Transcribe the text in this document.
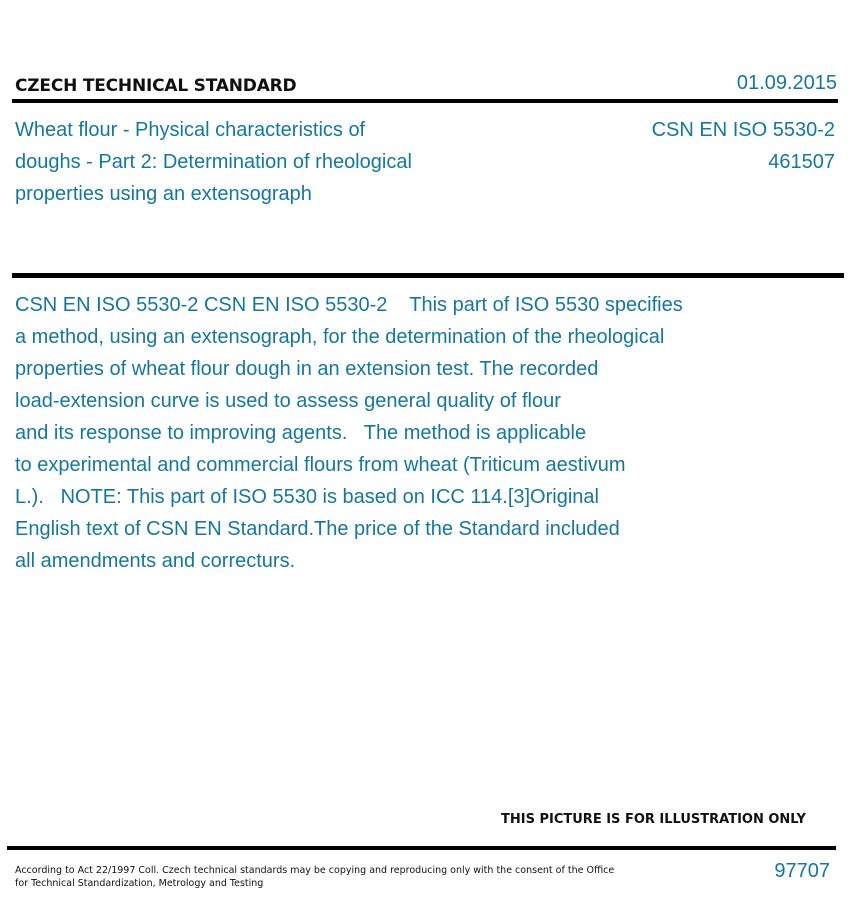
CZECH TECHNICAL STANDARD	01.09.2015
Wheat flour - Physical characteristics of
doughs - Part 2: Determination of rheological
properties using an extensograph
CSN EN ISO 5530-2
461507
CSN EN ISO 5530-2 CSN EN ISO 5530-2    This part of ISO 5530 specifies
a method, using an extensograph, for the determination of the rheological
properties of wheat flour dough in an extension test. The recorded
load-extension curve is used to assess general quality of flour
and its response to improving agents.   The method is applicable
to experimental and commercial flours from wheat (Triticum aestivum
L.).   NOTE: This part of ISO 5530 is based on ICC 114.[3]Original
English text of CSN EN Standard.The price of the Standard included
all amendments and correcturs.
THIS PICTURE IS FOR ILLUSTRATION ONLY
According to Act 22/1997 Coll. Czech technical standards may be copying and reproducing only with the consent of the Office
for Technical Standardization, Metrology and Testing
97707
